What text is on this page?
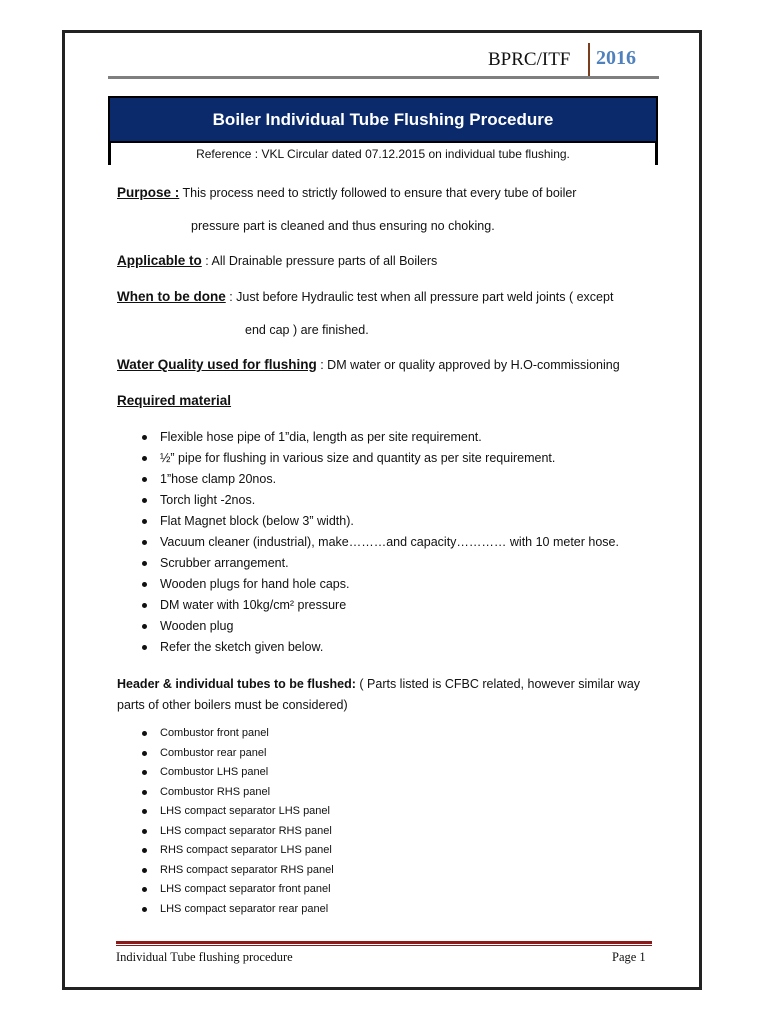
BPRC/ITF 2016
Boiler Individual Tube Flushing Procedure
Reference : VKL Circular dated 07.12.2015 on individual tube flushing.
Purpose : This process need to strictly followed to ensure that every tube of boiler
pressure part is cleaned and thus ensuring no choking.
Applicable to : All Drainable pressure parts of all Boilers
When to be done : Just before Hydraulic test when all pressure part weld joints ( except
end cap ) are finished.
Water Quality used for flushing : DM water or quality approved by H.O-commissioning
Required material
Flexible hose pipe of 1”dia, length as per site requirement.
½” pipe for flushing in various size and quantity as per site requirement.
1”hose clamp 20nos.
Torch light -2nos.
Flat Magnet block (below 3” width).
Vacuum cleaner (industrial), make………and capacity………… with 10 meter hose.
Scrubber arrangement.
Wooden plugs for hand hole caps.
DM water with 10kg/cm² pressure
Wooden plug
Refer the sketch given below.
Header & individual tubes to be flushed: ( Parts listed is CFBC related, however similar way parts of other boilers must be considered)
Combustor front panel
Combustor rear panel
Combustor LHS panel
Combustor RHS panel
LHS compact separator LHS panel
LHS compact separator RHS panel
RHS compact separator LHS panel
RHS compact separator RHS panel
LHS compact separator front panel
LHS compact separator rear panel
Individual Tube flushing procedure	Page 1
